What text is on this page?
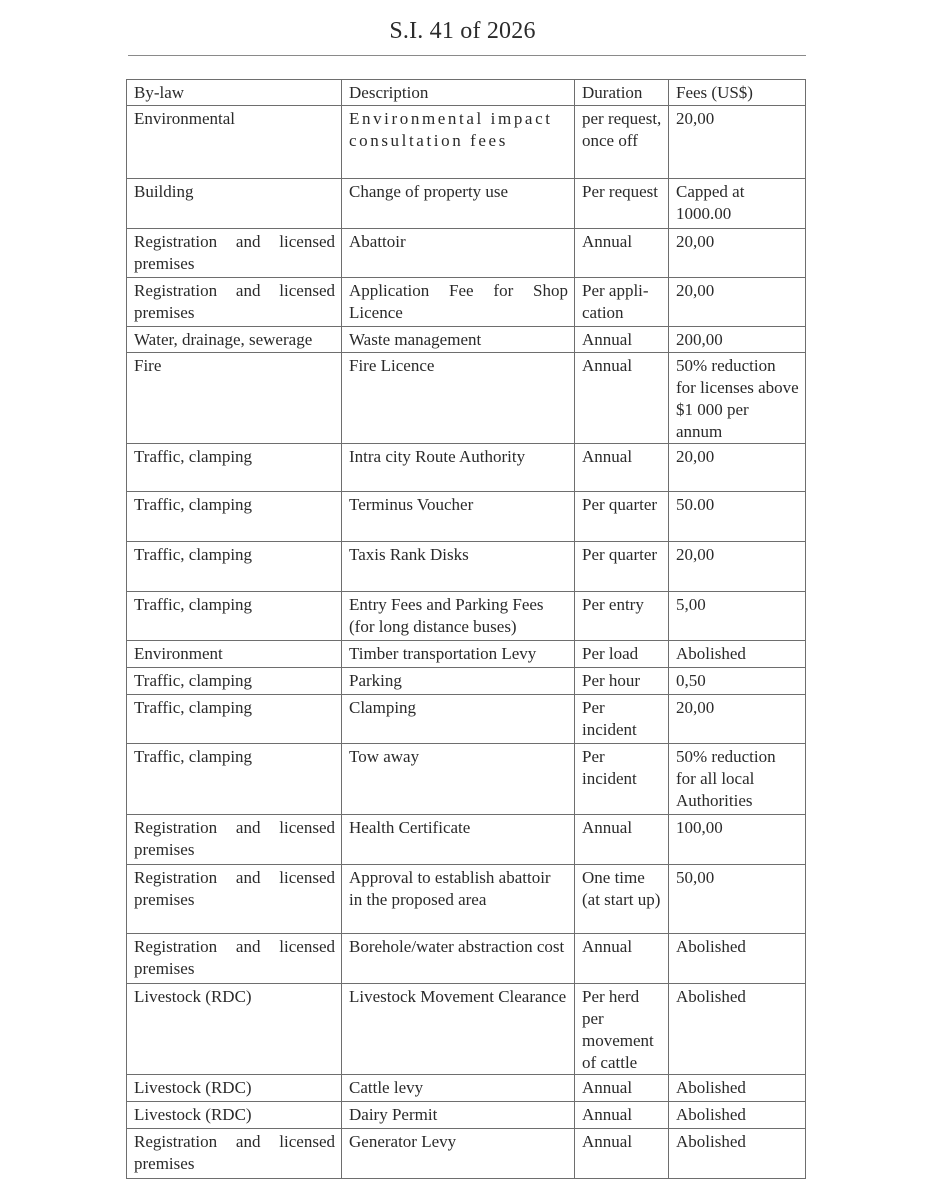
S.I. 41 of 2026
By-law	Description	Duration	Fees (US$)
Environmental	Environmental impact consultation fees	per request, once off	20,00
Building	Change of property use	Per request	Capped at 1000.00
Registration and licensed premises	Abattoir	Annual	20,00
Registration and licensed premises	Application Fee for Shop Licence	Per appli-cation	20,00
Water, drainage, sewerage	Waste management	Annual	200,00
Fire	Fire Licence	Annual	50% reduction for licenses above $1 000 per annum
Traffic, clamping	Intra city Route Authority	Annual	20,00
Traffic, clamping	Terminus Voucher	Per quarter	50.00
Traffic, clamping	Taxis Rank Disks	Per quarter	20,00
Traffic, clamping	Entry Fees and Parking Fees (for long distance buses)	Per entry	5,00
Environment	Timber transportation Levy	Per load	Abolished
Traffic, clamping	Parking	Per hour	0,50
Traffic, clamping	Clamping	Per incident	20,00
Traffic, clamping	Tow away	Per incident	50% reduction for all local Authorities
Registration and licensed premises	Health Certificate	Annual	100,00
Registration and licensed premises	Approval to establish abattoir in the proposed area	One time (at start up)	50,00
Registration and licensed premises	Borehole/water abstraction cost	Annual	Abolished
Livestock (RDC)	Livestock Movement Clearance	Per herd per movement of cattle	Abolished
Livestock (RDC)	Cattle levy	Annual	Abolished
Livestock (RDC)	Dairy Permit	Annual	Abolished
Registration and licensed premises	Generator Levy	Annual	Abolished
